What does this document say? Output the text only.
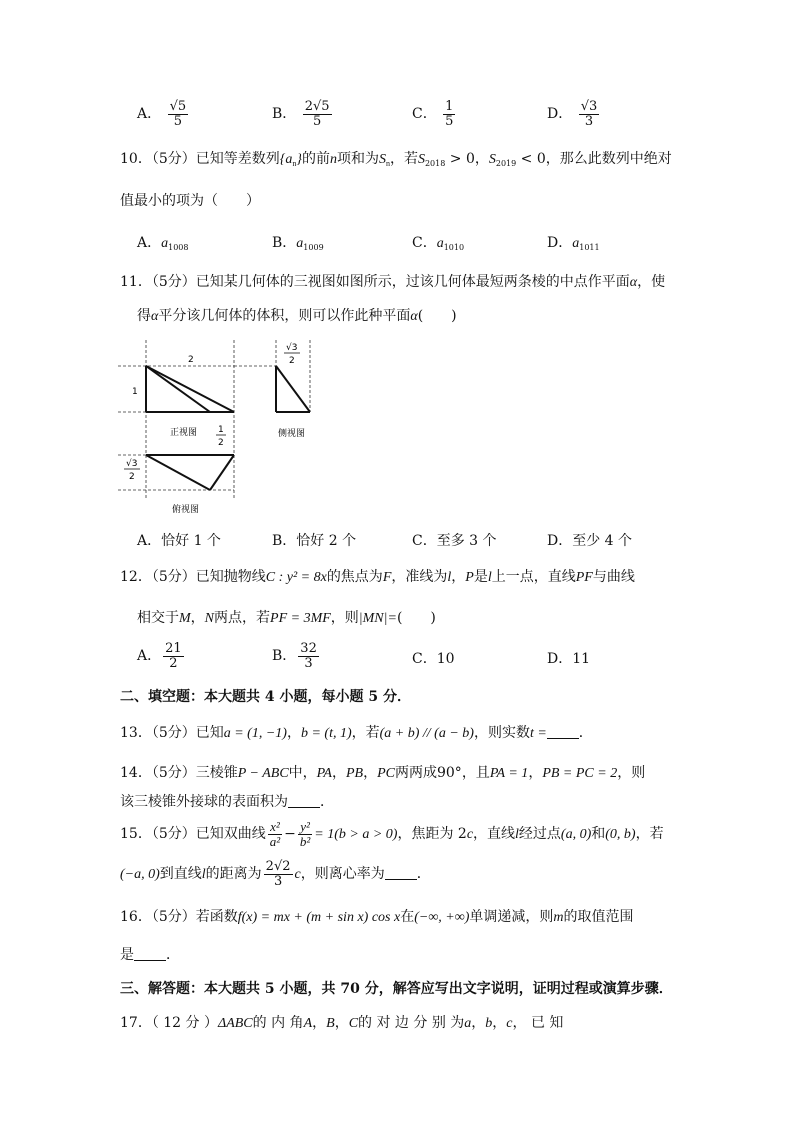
A． $\frac{√5}{5}$	B． $\frac{2√5}{5}$	C． $\frac{1}{5}$	D． $\frac{√3}{3}$
10．（5分）已知等差数列$\{a_n\}$的前n项和为$S_n$，若$S_{2018} > 0$，$S_{2019} < 0$，那么此数列中绝对
值最小的项为（　　）
A．$a_{1008}$	B．$a_{1009}$	C．$a_{1010}$	D．$a_{1011}$
11．（5分）已知某几何体的三视图如图所示，过该几何体最短两条棱的中点作平面α，使
得α平分该几何体的体积，则可以作此种平面α(　　)
2
1
正视图	侧视图
俯视图
1
2
√3
2
√3
2
A．恰好 1 个	B．恰好 2 个	C．至多 3 个	D．至少 4 个
12．（5分）已知抛物线C : y² = 8x的焦点为F，准线为l，P是l上一点，直线PF与曲线
相交于M，N两点，若PF = 3MF，则|MN|=(　　)
A． $\frac{21}{2}$	B． $\frac{32}{3}$	C．10	D．11
二、填空题：本大题共 4 小题，每小题 5 分．
13．（5分）已知a = (1, −1)，b = (t, 1)，若(a + b) // (a − b)，则实数t = ．
14．（5分）三棱锥P − ABC中，PA，PB，PC两两成90°，且PA = 1，PB = PC = 2，则
该三棱锥外接球的表面积为 ．
15．（5分）已知双曲线 $\frac{\text{x²}}{\text{a²}} - \frac{\text{y²}}{\text{b²}} = 1(b > a > 0)$，焦距为 2c，直线l经过点(a, 0)和(0, b)，若
(−a, 0)到直线l的距离为 $\frac{2√2}{3}$ c，则离心率为 ．
16．（5分）若函数f(x) = mx + (m + sin x) cos x在(−∞, +∞)单调递减，则m的取值范围
是 ．
三、解答题：本大题共 5 小题，共 70 分，解答应写出文字说明，证明过程或演算步骤．
17．（ 12 分 ）ΔABC的 内 角A，B，C的 对 边 分 别 为a，b，c， 已 知
